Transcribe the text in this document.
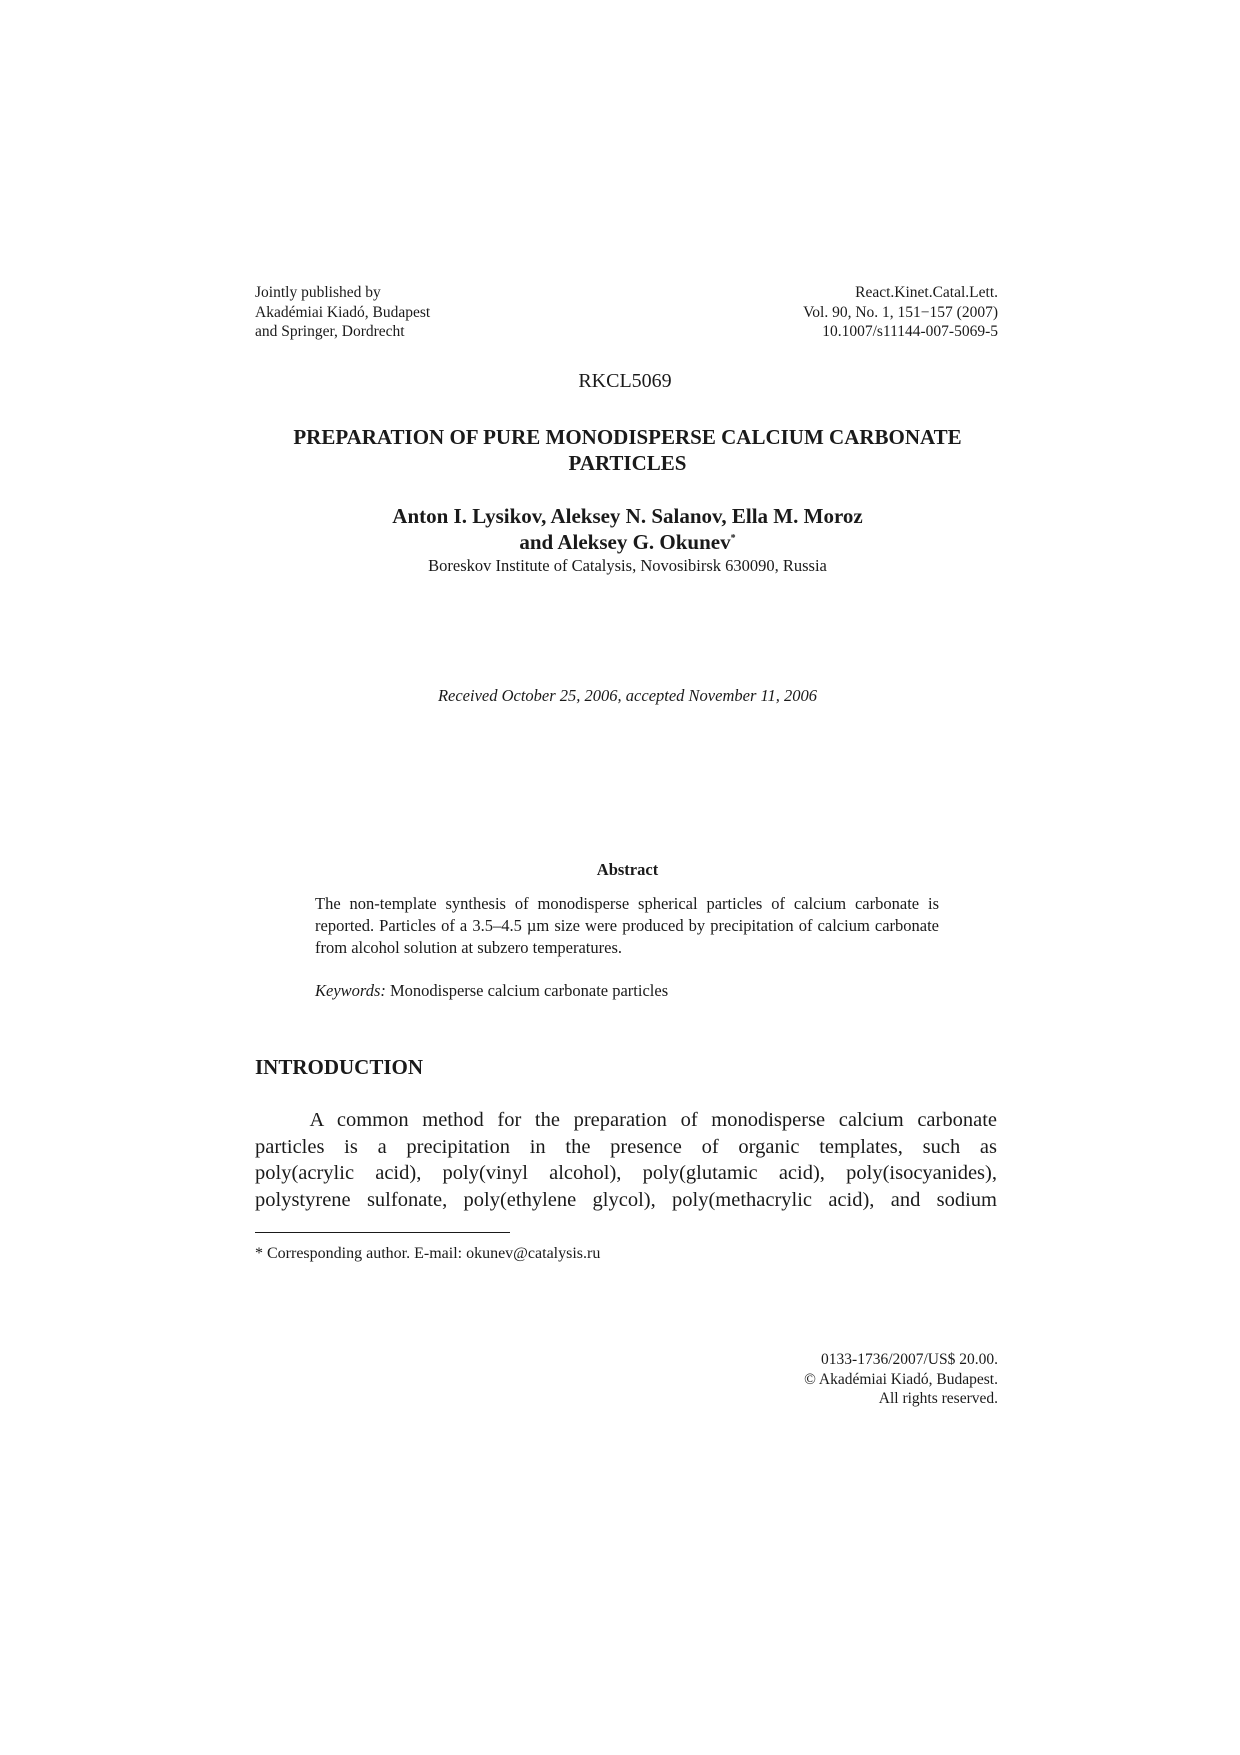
Jointly published by
Akadémiai Kiadó, Budapest
and Springer, Dordrecht
React.Kinet.Catal.Lett.
Vol. 90, No. 1, 151−157 (2007)
10.1007/s11144-007-5069-5
RKCL5069
PREPARATION OF PURE MONODISPERSE CALCIUM CARBONATE
PARTICLES
Anton I. Lysikov, Aleksey N. Salanov, Ella M. Moroz
and Aleksey G. Okunev*
Boreskov Institute of Catalysis, Novosibirsk 630090, Russia
Received October 25, 2006, accepted November 11, 2006
Abstract
The non-template synthesis of monodisperse spherical particles of calcium carbonate is reported. Particles of a 3.5–4.5 µm size were produced by precipitation of calcium carbonate from alcohol solution at subzero temperatures.
Keywords: Monodisperse calcium carbonate particles
INTRODUCTION
A common method for the preparation of monodisperse calcium carbonate
particles is a precipitation in the presence of organic templates, such as
poly(acrylic acid), poly(vinyl alcohol), poly(glutamic acid), poly(isocyanides),
polystyrene sulfonate, poly(ethylene glycol), poly(methacrylic acid), and sodium
* Corresponding author. E-mail: okunev@catalysis.ru
0133-1736/2007/US$ 20.00.
© Akadémiai Kiadó, Budapest.
All rights reserved.
